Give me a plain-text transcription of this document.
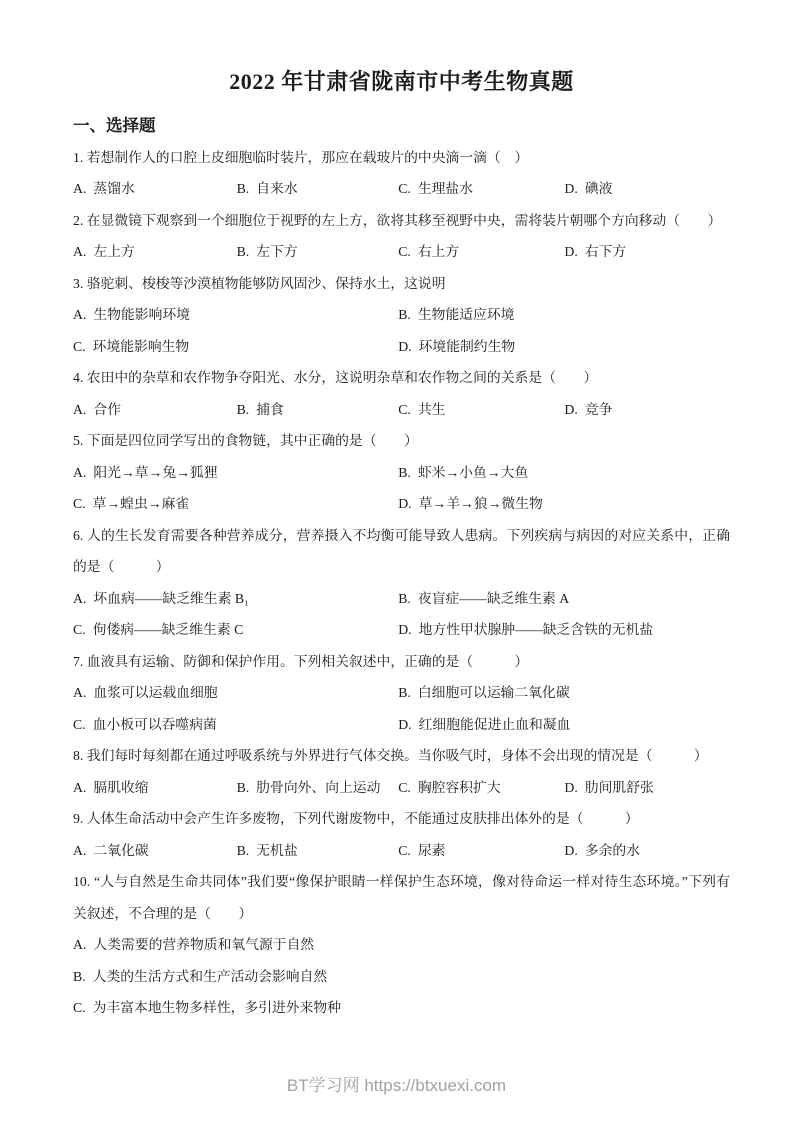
2022 年甘肃省陇南市中考生物真题
一、选择题

1. 若想制作人的口腔上皮细胞临时装片，那应在载玻片的中央滴一滴（　）

A. 蒸馏水	B. 自来水	C. 生理盐水	D. 碘液

2. 在显微镜下观察到一个细胞位于视野的左上方，欲将其移至视野中央，需将装片朝哪个方向移动（　　）

A. 左上方	B. 左下方	C. 右上方	D. 右下方

3. 骆驼刺、梭梭等沙漠植物能够防风固沙、保持水土，这说明

A. 生物能影响环境	B. 生物能适应环境
C. 环境能影响生物	D. 环境能制约生物

4. 农田中的杂草和农作物争夺阳光、水分，这说明杂草和农作物之间的关系是（　　）

A. 合作	B. 捕食	C. 共生	D. 竞争

5. 下面是四位同学写出的食物链，其中正确的是（　　）

A. 阳光→草→兔→狐狸	B. 虾米→小鱼→大鱼
C. 草→蝗虫→麻雀	D. 草→羊→狼→微生物

6. 人的生长发育需要各种营养成分，营养摄入不均衡可能导致人患病。下列疾病与病因的对应关系中，正确的是（　　　）

A. 坏血病——缺乏维生素 B₁	B. 夜盲症——缺乏维生素 A
C. 佝偻病——缺乏维生素 C	D. 地方性甲状腺肿——缺乏含铁的无机盐

7. 血液具有运输、防御和保护作用。下列相关叙述中，正确的是（　　　）

A. 血浆可以运载血细胞	B. 白细胞可以运输二氧化碳
C. 血小板可以吞噬病菌	D. 红细胞能促进止血和凝血

8. 我们每时每刻都在通过呼吸系统与外界进行气体交换。当你吸气时，身体不会出现的情况是（　　　）

A. 膈肌收缩	B. 肋骨向外、向上运动	C. 胸腔容积扩大	D. 肋间肌舒张

9. 人体生命活动中会产生许多废物，下列代谢废物中，不能通过皮肤排出体外的是（　　　）

A. 二氧化碳	B. 无机盐	C. 尿素	D. 多余的水

10. “人与自然是生命共同体”我们要“像保护眼睛一样保护生态环境，像对待命运一样对待生态环境。”下列有关叙述，不合理的是（　　）

A. 人类需要的营养物质和氧气源于自然
B. 人类的生活方式和生产活动会影响自然
C. 为丰富本地生物多样性，多引进外来物种
BT学习网 https://btxuexi.com
